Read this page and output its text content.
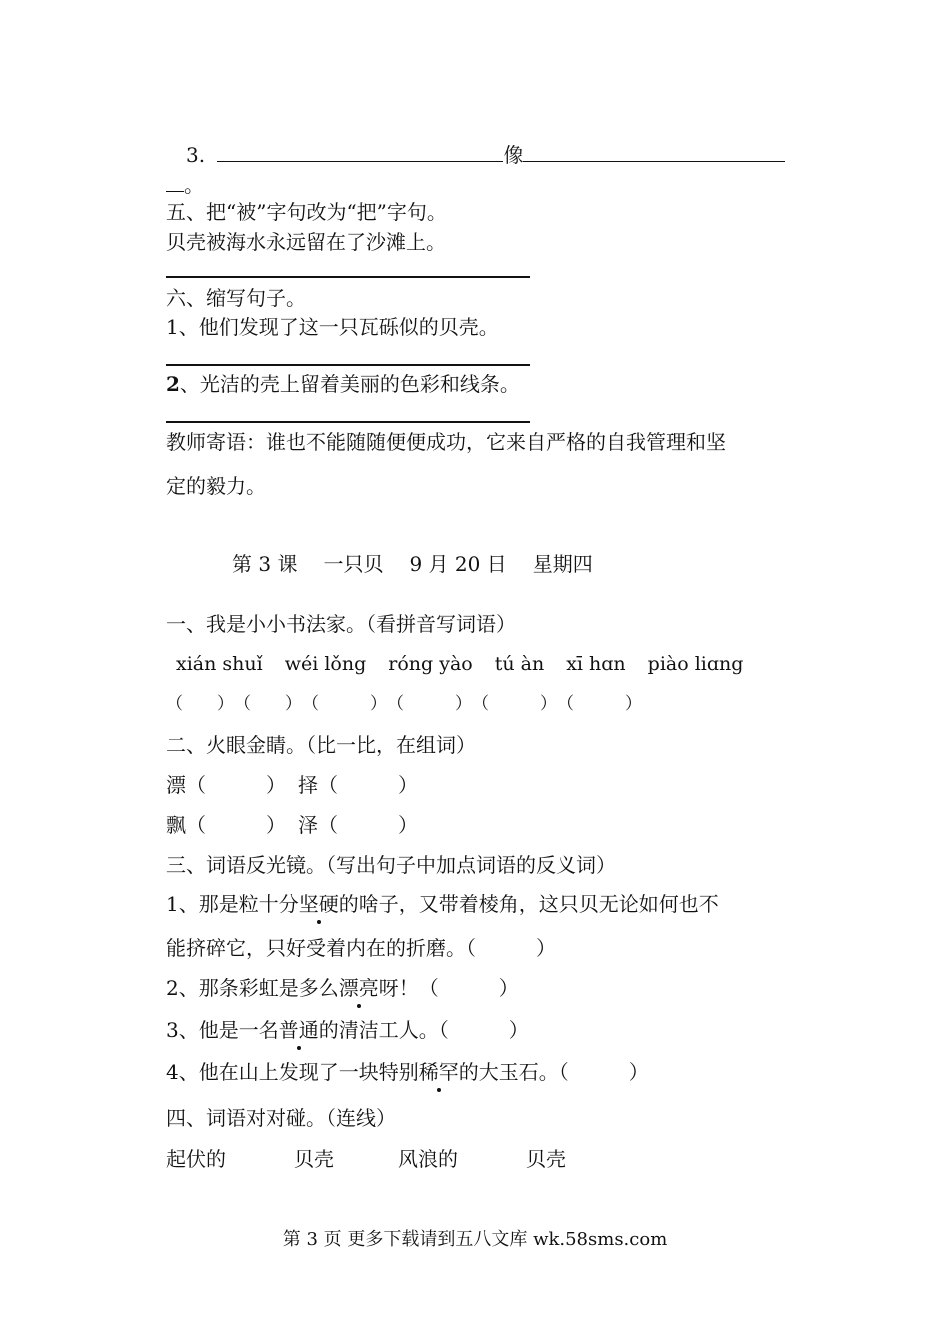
3.	像
。
五、把“被”字句改为“把”字句。
贝壳被海水永远留在了沙滩上。
六、缩写句子。
1、他们发现了这一只瓦砾似的贝壳。
2、光洁的壳上留着美丽的色彩和线条。
教师寄语：谁也不能随随便便成功，它来自严格的自我管理和坚
定的毅力。
第 3 课 一只贝 9 月 20 日 星期四
一、我是小小书法家。（看拼音写词语）
xián shuǐ wéi lǒng róng yào tú àn xī hɑn piào liɑng
（　　）（　　）（　　　）（　　　）（　　　）（　　　）
二、火眼金睛。（比一比，在组词）
漂（　　　） 择（　　　）
飘（　　　） 泽（　　　）
三、词语反光镜。（写出句子中加点词语的反义词）
1、那是粒十分坚硬的啥子，又带着棱角，这只贝无论如何也不
能挤碎它，只好受着内在的折磨。（　　　）
2、那条彩虹是多么漂亮呀！（　　　）
3、他是一名普通的清洁工人。（　　　）
4、他在山上发现了一块特别稀罕的大玉石。（　　　）
四、词语对对碰。（连线）
起伏的	贝壳	风浪的	贝壳
第 3 页 更多下载请到五八文库 wk.58sms.com
